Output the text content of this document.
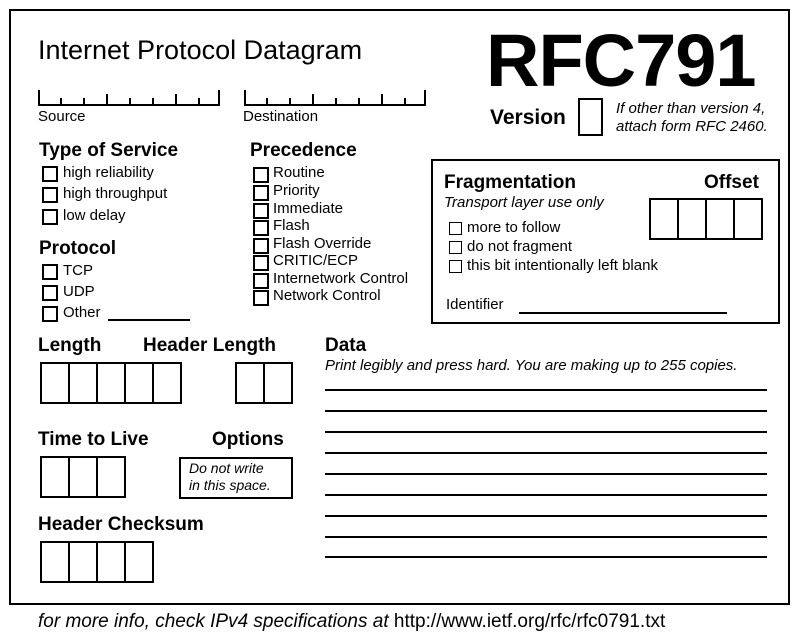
Internet Protocol Datagram RFC791
Source	Destination	Version	If other than version 4,
attach form RFC 2460.
Type of Service
high reliability
high throughput
low delay
Protocol
TCP
UDP
Other
Precedence
Routine
Priority
Immediate
Flash
Flash Override
CRITIC/ECP
Internetwork Control
Network Control
Fragmentation	Offset
Transport layer use only
more to follow
do not fragment
this bit intentionally left blank
Identifier
Length Header Length
Time to Live	Options
Do not write
in this space.
Header Checksum
Data
Print legibly and press hard. You are making up to 255 copies.
for more info, check IPv4 specifications at http://www.ietf.org/rfc/rfc0791.txt
